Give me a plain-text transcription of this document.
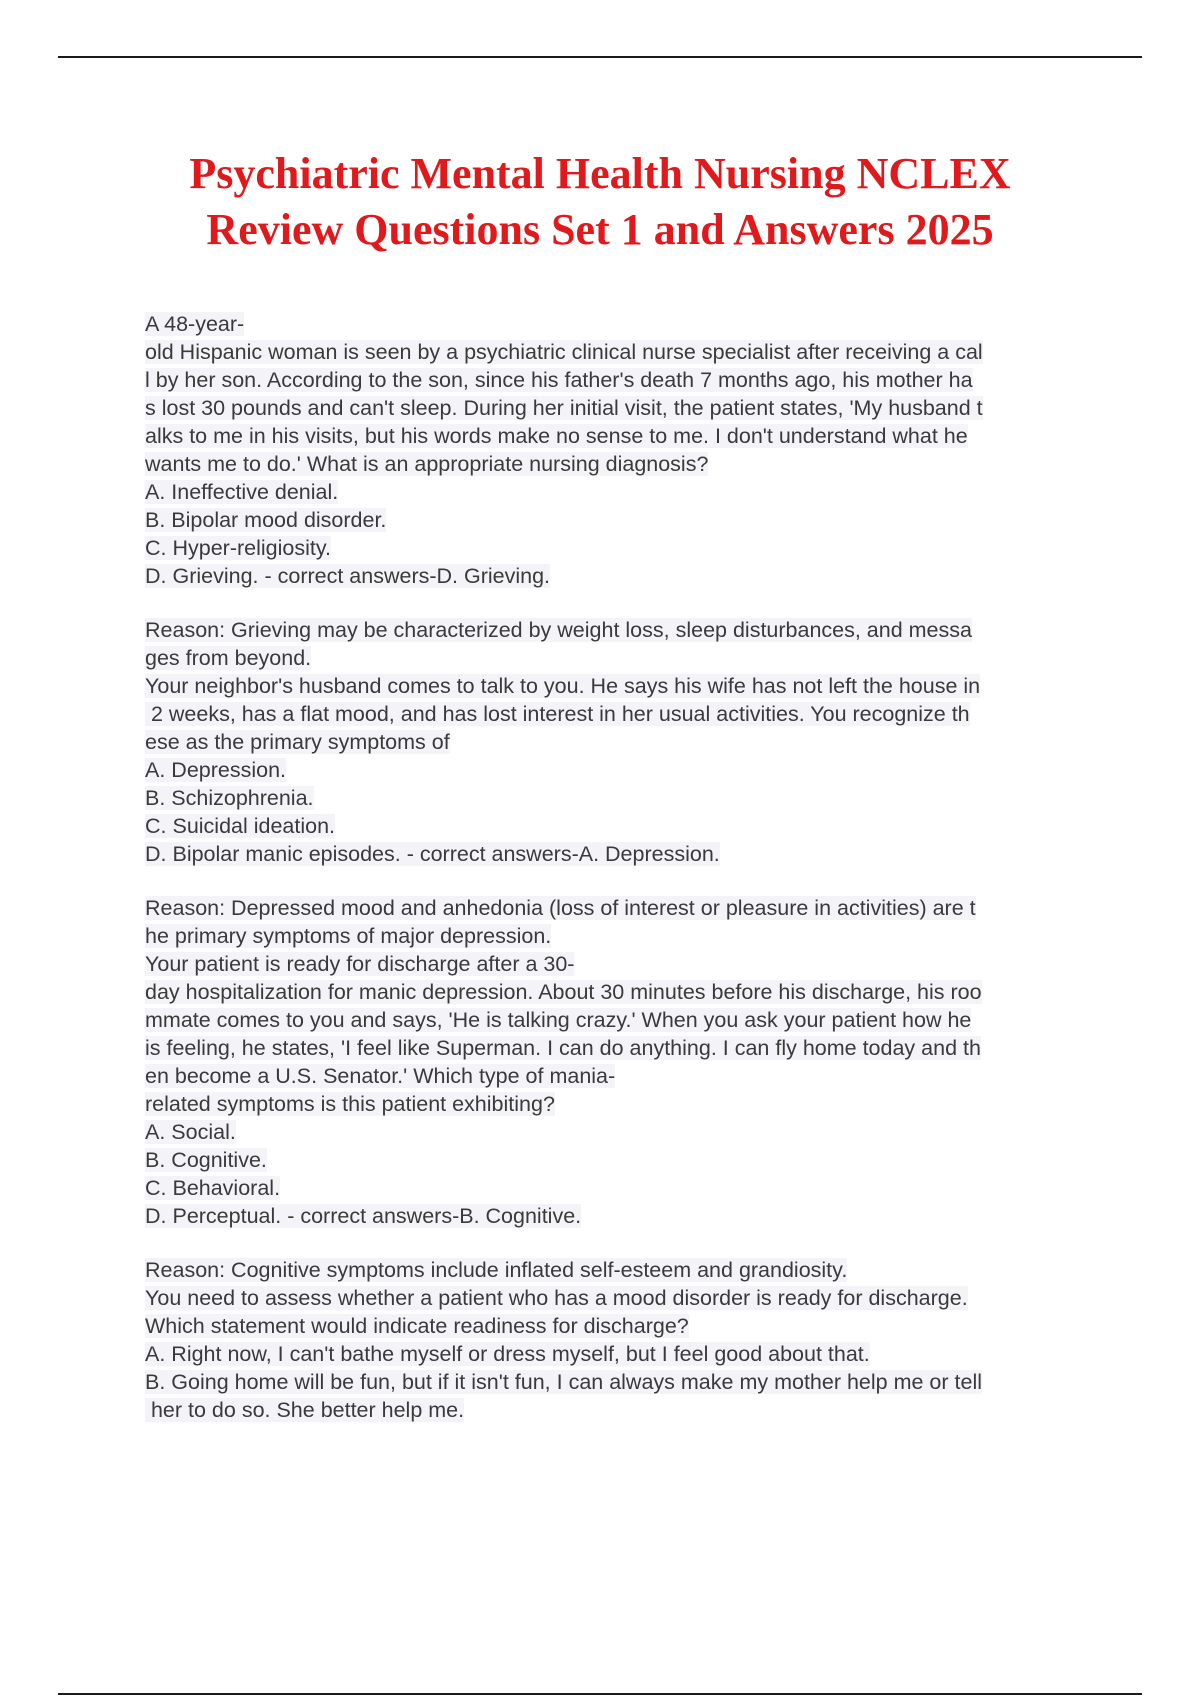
Psychiatric Mental Health Nursing NCLEX
Review Questions Set 1 and Answers 2025
A 48-year-
old Hispanic woman is seen by a psychiatric clinical nurse specialist after receiving a cal
l by her son. According to the son, since his father's death 7 months ago, his mother ha
s lost 30 pounds and can't sleep. During her initial visit, the patient states, 'My husband t
alks to me in his visits, but his words make no sense to me. I don't understand what he
wants me to do.' What is an appropriate nursing diagnosis?
A. Ineffective denial.
B. Bipolar mood disorder.
C. Hyper-religiosity.
D. Grieving. - correct answers-D. Grieving.
Reason: Grieving may be characterized by weight loss, sleep disturbances, and messa
ges from beyond.
Your neighbor's husband comes to talk to you. He says his wife has not left the house in
2 weeks, has a flat mood, and has lost interest in her usual activities. You recognize th
ese as the primary symptoms of
A. Depression.
B. Schizophrenia.
C. Suicidal ideation.
D. Bipolar manic episodes. - correct answers-A. Depression.
Reason: Depressed mood and anhedonia (loss of interest or pleasure in activities) are t
he primary symptoms of major depression.
Your patient is ready for discharge after a 30-
day hospitalization for manic depression. About 30 minutes before his discharge, his roo
mmate comes to you and says, 'He is talking crazy.' When you ask your patient how he
is feeling, he states, 'I feel like Superman. I can do anything. I can fly home today and th
en become a U.S. Senator.' Which type of mania-
related symptoms is this patient exhibiting?
A. Social.
B. Cognitive.
C. Behavioral.
D. Perceptual. - correct answers-B. Cognitive.
Reason: Cognitive symptoms include inflated self-esteem and grandiosity.
You need to assess whether a patient who has a mood disorder is ready for discharge.
Which statement would indicate readiness for discharge?
A. Right now, I can't bathe myself or dress myself, but I feel good about that.
B. Going home will be fun, but if it isn't fun, I can always make my mother help me or tell
her to do so. She better help me.
